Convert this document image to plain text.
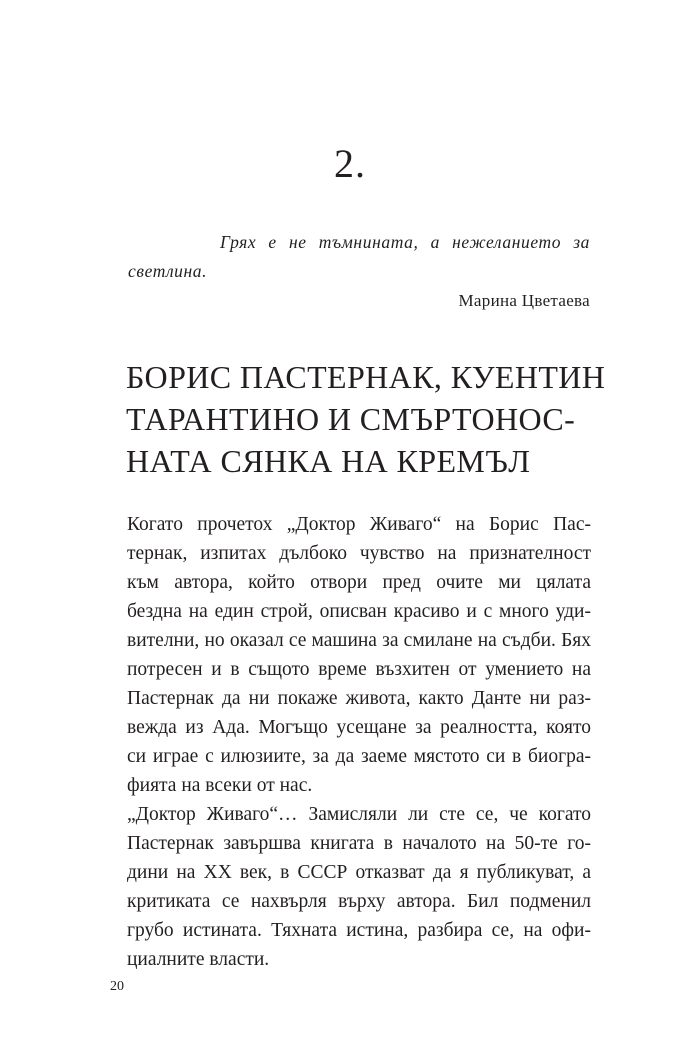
2.
Грях е не тъмнината, а нежеланието за
светлина.
Марина Цветаева
БОРИС ПАСТЕРНАК, КУЕНТИН
ТАРАНТИНО И СМЪРТОНОС-
НАТА СЯНКА НА КРЕМЪЛ
Когато прочетох „Доктор Живаго“ на Борис Пас-
тернак, изпитах дълбоко чувство на признателност
към автора, който отвори пред очите ми цялата
бездна на един строй, описван красиво и с много уди-
вителни, но оказал се машина за смилане на съдби. Бях
потресен и в същото време възхитен от умението на
Пастернак да ни покаже живота, както Данте ни раз-
вежда из Ада. Могъщо усещане за реалността, която
си играе с илюзиите, за да заеме мястото си в биогра-
фията на всеки от нас.
„Доктор Живаго“… Замисляли ли сте се, че когато
Пастернак завършва книгата в началото на 50-те го-
дини на XX век, в СССР отказват да я публикуват, а
критиката се нахвърля върху автора. Бил подменил
грубо истината. Тяхната истина, разбира се, на офи-
циалните власти.
20
